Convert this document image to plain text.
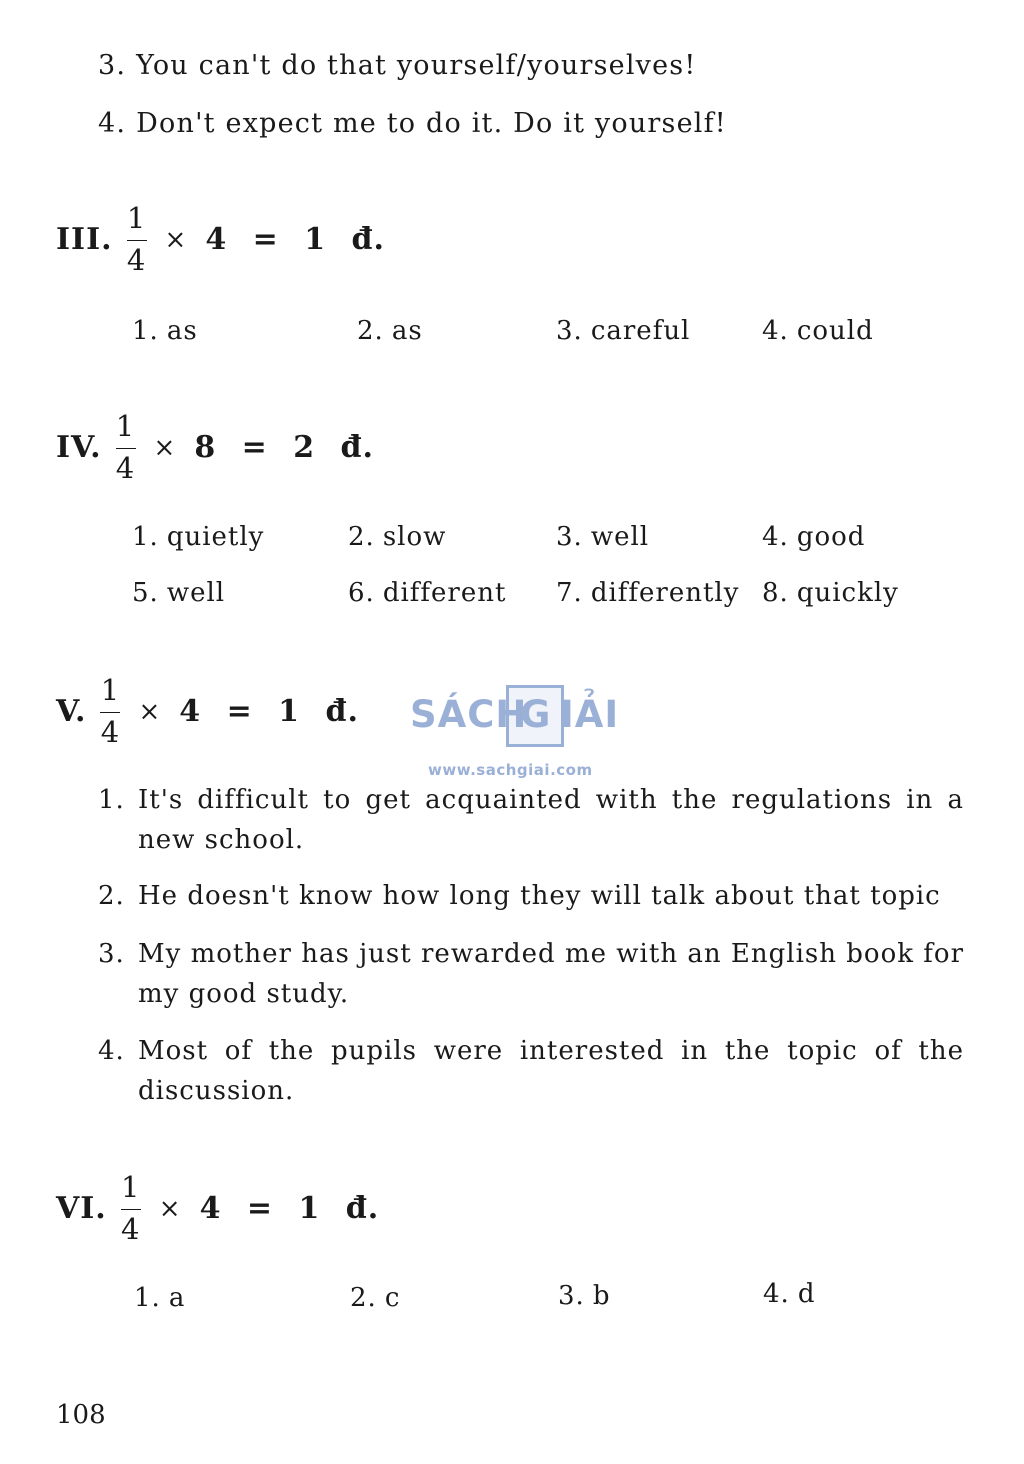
3. You can't do that yourself/yourselves!
4. Don't expect me to do it. Do it yourself!
III. $\frac{1}{4} \times 4 = 1$ đ.
1. as	2. as	3. careful	4. could
IV. $\frac{1}{4} \times 8 = 2$ đ.
1. quietly	2. slow	3. well	4. good
5. well	6. different 7. differently 8. quickly
V. $\frac{1}{4} \times 4 = 1$ đ. SÁCH
G IẢI
www.sachgiai.com
1. It's difficult to get acquainted with the regulations in a new school.
2. He doesn't know how long they will talk about that topic
3. My mother has just rewarded me with an English book for my good study.
4. Most of the pupils were interested in the topic of the discussion.
VI. $\frac{1}{4} \times 4 = 1$ đ.
1. a	2. c	3. b	4. d
108
